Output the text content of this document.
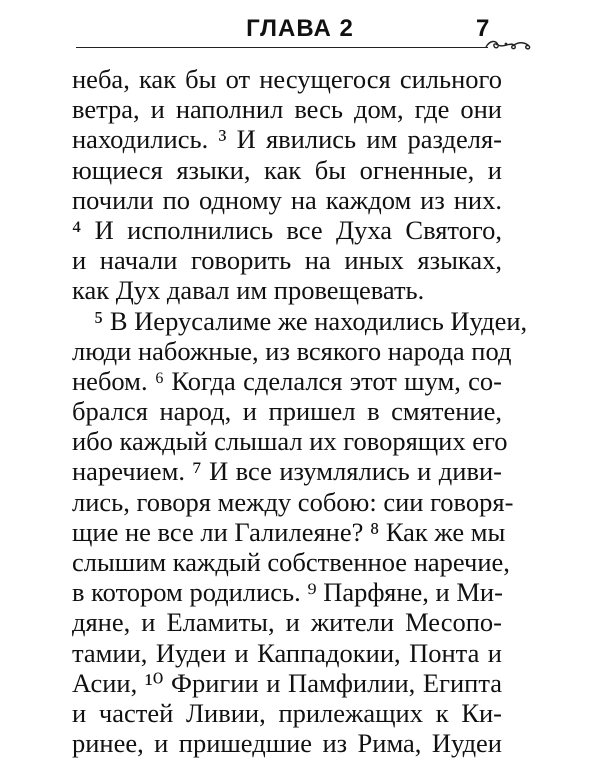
ГЛАВА 2	7
неба, как бы от несущегося сильного
ветра, и наполнил весь дом, где они
находились. ³ И явились им разделя-
ющиеся языки, как бы огненные, и
почили по одному на каждом из них.
⁴ И исполнились все Духа Святого,
и начали говорить на иных языках,
как Дух давал им провещевать.
⁵ В Иерусалиме же находились Иудеи,
люди набожные, из всякого народа под
небом. ⁶ Когда сделался этот шум, со-
брался народ, и пришел в смятение,
ибо каждый слышал их говорящих его
наречием. ⁷ И все изумлялись и диви-
лись, говоря между собою: сии говоря-
щие не все ли Галилеяне? ⁸ Как же мы
слышим каждый собственное наречие,
в котором родились. ⁹ Парфяне, и Ми-
дяне, и Еламиты, и жители Месопо-
тамии, Иудеи и Каппадокии, Понта и
Асии, ¹⁰ Фригии и Памфилии, Египта
и частей Ливии, прилежащих к Ки-
ринее, и пришедшие из Рима, Иудеи
